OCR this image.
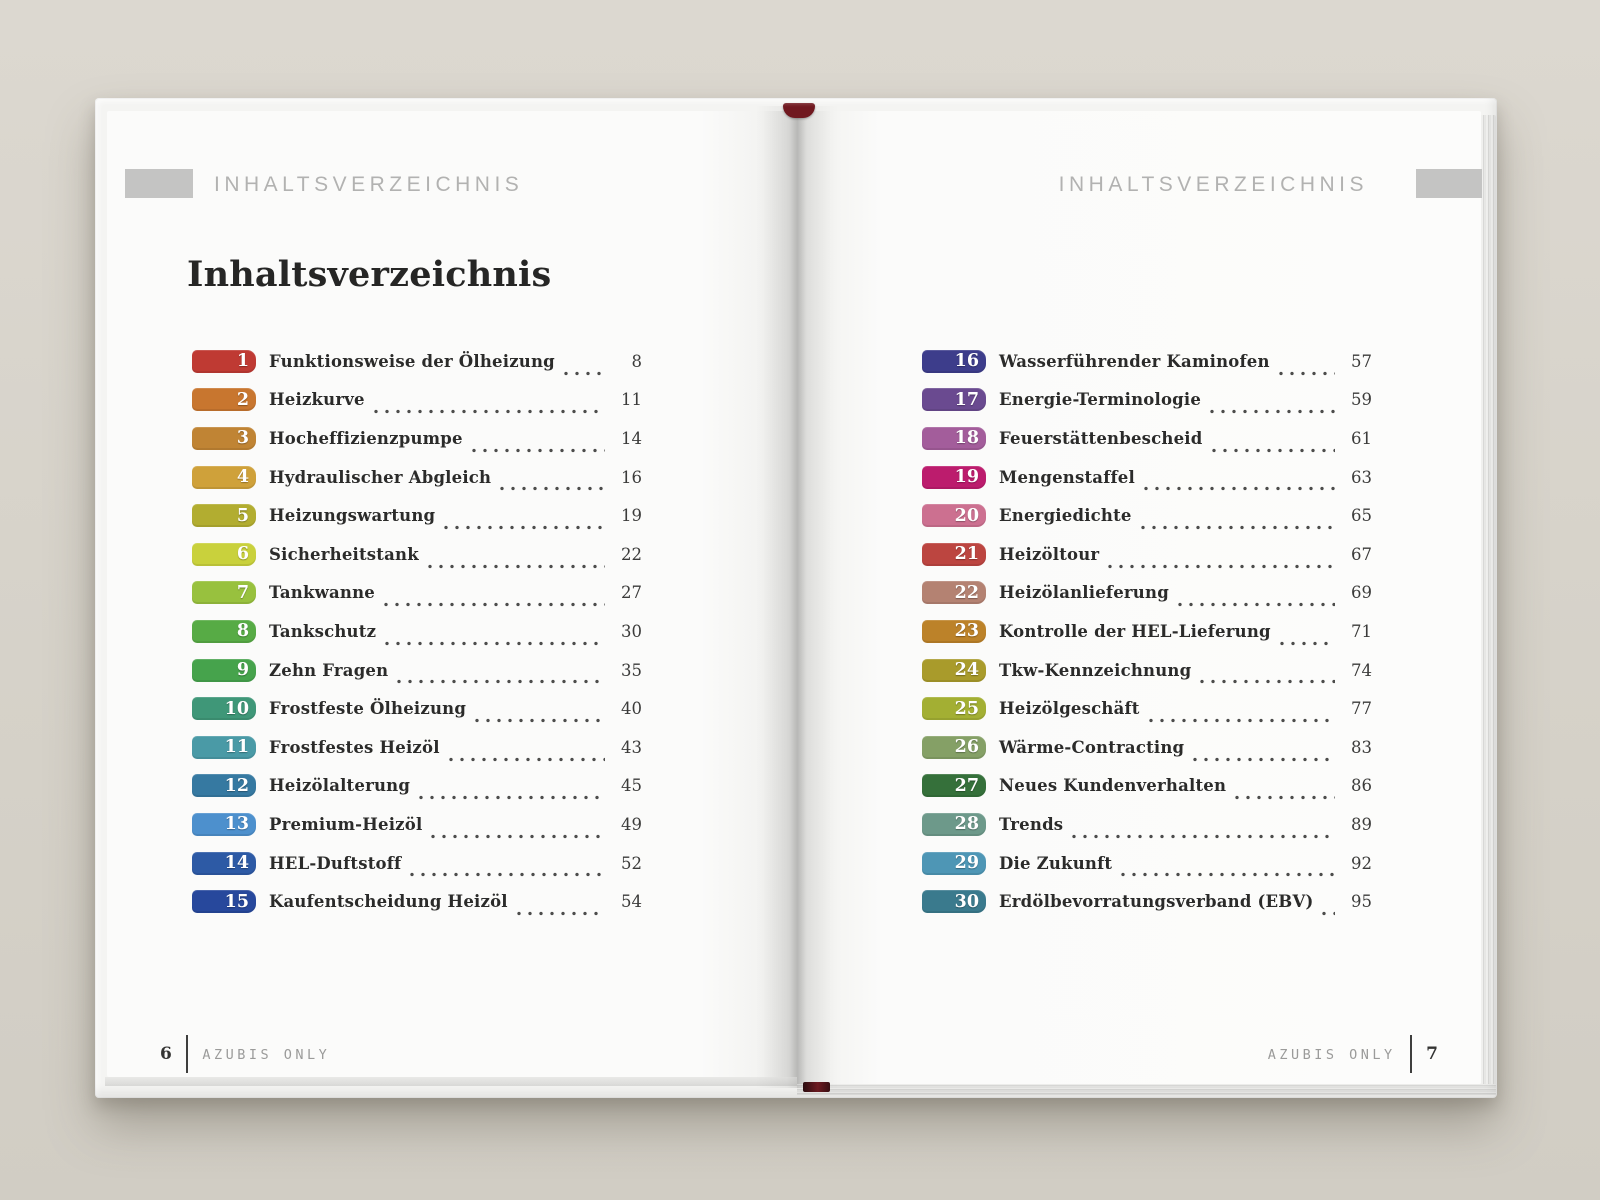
INHALTSVERZEICHNIS	INHALTSVERZEICHNIS
Inhaltsverzeichnis
1	Funktionsweise der Ölheizung	8
2	Heizkurve	11
3	Hocheffizienzpumpe	14
4	Hydraulischer Abgleich	16
5	Heizungswartung	19
6	Sicherheitstank	22
7	Tankwanne	27
8	Tankschutz	30
9	Zehn Fragen	35
10	Frostfeste Ölheizung	40
11	Frostfestes Heizöl	43
12	Heizölalterung	45
13	Premium-Heizöl	49
14	HEL-Duftstoff	52
15	Kaufentscheidung Heizöl	54
16	Wasserführender Kaminofen	57
17	Energie-Terminologie	59
18	Feuerstättenbescheid	61
19	Mengenstaffel	63
20	Energiedichte	65
21	Heizöltour	67
22	Heizölanlieferung	69
23	Kontrolle der HEL-Lieferung	71
24	Tkw-Kennzeichnung	74
25	Heizölgeschäft	77
26	Wärme-Contracting	83
27	Neues Kundenverhalten	86
28	Trends	89
29	Die Zukunft	92
30	Erdölbevorratungsverband (EBV)	95
6 AZUBIS ONLY	AZUBIS ONLY 7
